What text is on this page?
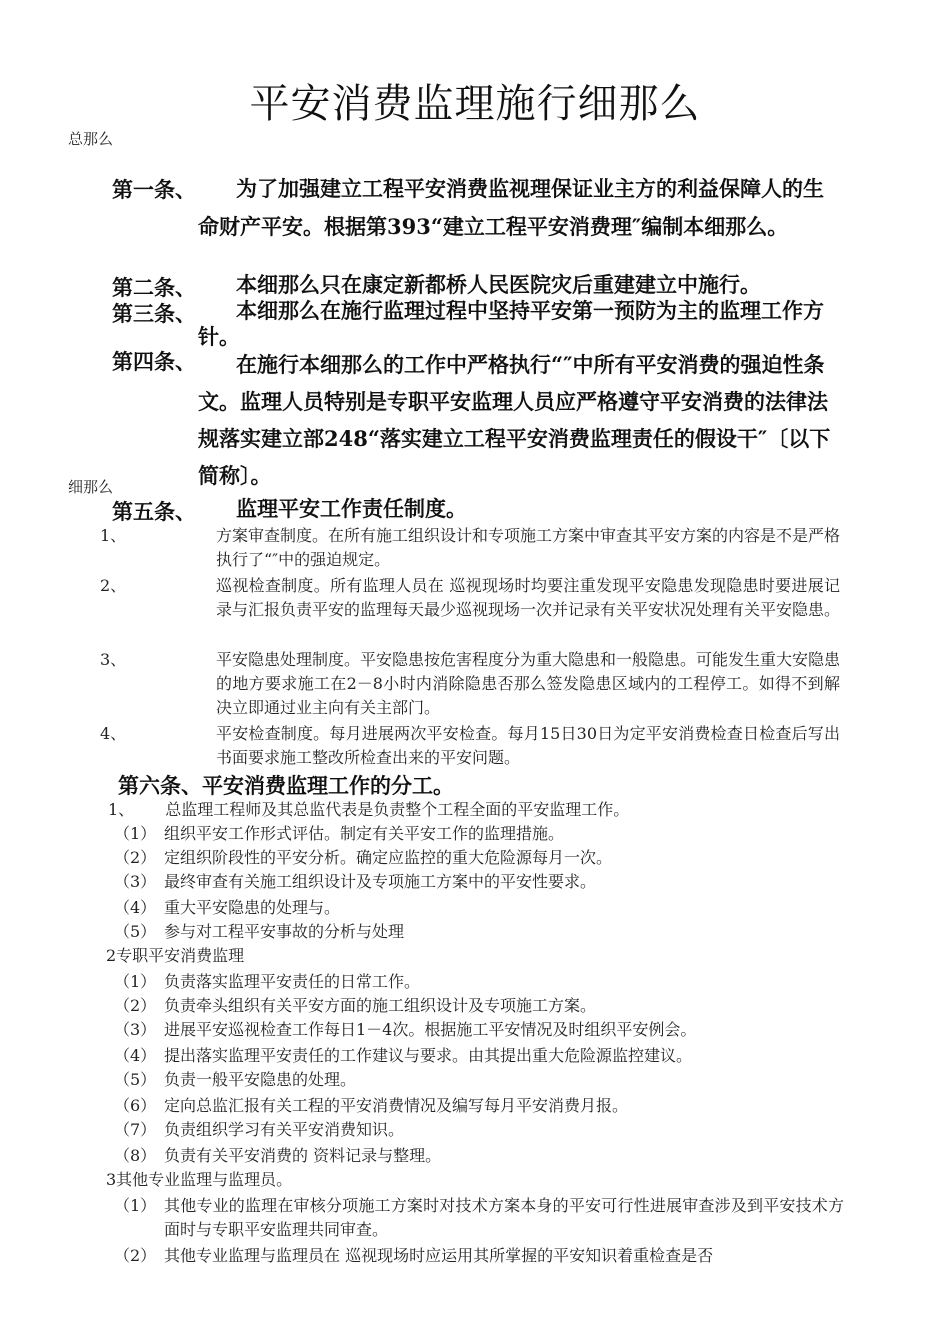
平安消费监理施行细那么
总那么
第一条、	为了加强建立工程平安消费监视理保证业主方的利益保障人的生命财产平安。根据第393“建立工程平安消费理″编制本细那么。
第二条、	本细那么只在康定新都桥人民医院灾后重建建立中施行。
第三条、	本细那么在施行监理过程中坚持平安第一预防为主的监理工作方针。
第四条、	在施行本细那么的工作中严格执行“″中所有平安消费的强迫性条文。监理人员特别是专职平安监理人员应严格遵守平安消费的法律法规落实建立部248“落实建立工程平安消费监理责任的假设干″〔以下简称〕。
细那么
第五条、	监理平安工作责任制度。
1、	方案审查制度。在所有施工组织设计和专项施工方案中审查其平安方案的内容是不是严格执行了“″中的强迫规定。
2、	巡视检查制度。所有监理人员在 巡视现场时均要注重发现平安隐患发现隐患时要进展记录与汇报负责平安的监理每天最少巡视现场一次并记录有关平安状况处理有关平安隐患。
3、	平安隐患处理制度。平安隐患按危害程度分为重大隐患和一般隐患。可能发生重大安隐患的地方要求施工在2－8小时内消除隐患否那么签发隐患区域内的工程停工。如得不到解决立即通过业主向有关主部门。
4、	平安检查制度。每月进展两次平安检查。每月15日30日为定平安消费检查日检查后写出书面要求施工整改所检查出来的平安问题。
第六条、平安消费监理工作的分工。
1、 总监理工程师及其总监代表是负责整个工程全面的平安监理工作。
（1） 组织平安工作形式评估。制定有关平安工作的监理措施。
（2） 定组织阶段性的平安分析。确定应监控的重大危险源每月一次。
（3） 最终审查有关施工组织设计及专项施工方案中的平安性要求。
（4） 重大平安隐患的处理与。
（5） 参与对工程平安事故的分析与处理
2专职平安消费监理
（1） 负责落实监理平安责任的日常工作。
（2） 负责牵头组织有关平安方面的施工组织设计及专项施工方案。
（3） 进展平安巡视检查工作每日1－4次。根据施工平安情况及时组织平安例会。
（4） 提出落实监理平安责任的工作建议与要求。由其提出重大危险源监控建议。
（5） 负责一般平安隐患的处理。
（6） 定向总监汇报有关工程的平安消费情况及编写每月平安消费月报。
（7） 负责组织学习有关平安消费知识。
（8） 负责有关平安消费的 资料记录与整理。
3其他专业监理与监理员。
（1） 其他专业的监理在审核分项施工方案时对技术方案本身的平安可行性进展审查涉及到平安技术方面时与专职平安监理共同审查。
（2） 其他专业监理与监理员在 巡视现场时应运用其所掌握的平安知识着重检查是否
